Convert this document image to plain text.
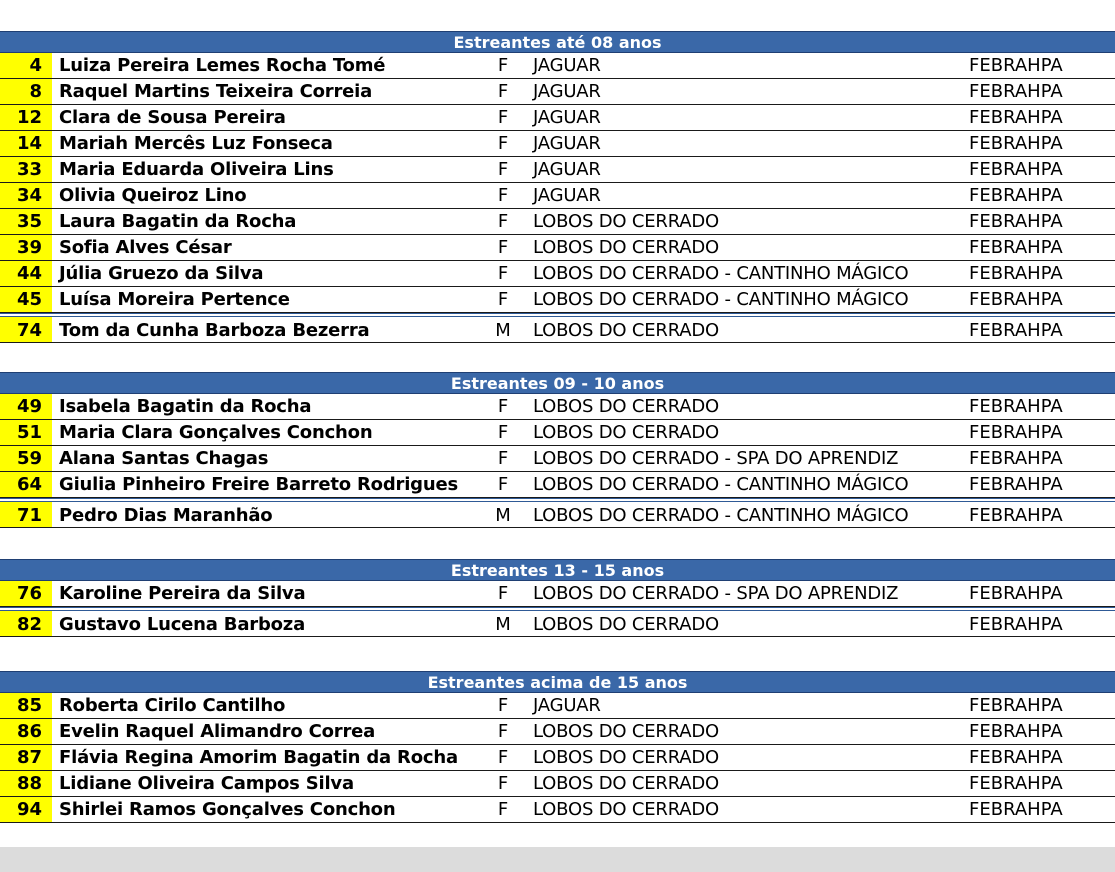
Estreantes até 08 anos
4 Luiza Pereira Lemes Rocha Tomé	F	JAGUAR	FEBRAHPA
8 Raquel Martins Teixeira Correia	F	JAGUAR	FEBRAHPA
12 Clara de Sousa Pereira	F	JAGUAR	FEBRAHPA
14 Mariah Mercês Luz Fonseca	F	JAGUAR	FEBRAHPA
33 Maria Eduarda Oliveira Lins	F	JAGUAR	FEBRAHPA
34 Olivia Queiroz Lino	F	JAGUAR	FEBRAHPA
35 Laura Bagatin da Rocha	F	LOBOS DO CERRADO	FEBRAHPA
39 Sofia Alves César	F	LOBOS DO CERRADO	FEBRAHPA
44 Júlia Gruezo da Silva	F	LOBOS DO CERRADO - CANTINHO MÁGICO	FEBRAHPA
45 Luísa Moreira Pertence	F	LOBOS DO CERRADO - CANTINHO MÁGICO	FEBRAHPA
74 Tom da Cunha Barboza Bezerra	M LOBOS DO CERRADO	FEBRAHPA
Estreantes 09 - 10 anos
49 Isabela Bagatin da Rocha	F	LOBOS DO CERRADO	FEBRAHPA
51 Maria Clara Gonçalves Conchon	F	LOBOS DO CERRADO	FEBRAHPA
59 Alana Santas Chagas	F	LOBOS DO CERRADO - SPA DO APRENDIZ	FEBRAHPA
64 Giulia Pinheiro Freire Barreto Rodrigues	F	LOBOS DO CERRADO - CANTINHO MÁGICO	FEBRAHPA
71 Pedro Dias Maranhão	M LOBOS DO CERRADO - CANTINHO MÁGICO	FEBRAHPA
Estreantes 13 - 15 anos
76 Karoline Pereira da Silva	F	LOBOS DO CERRADO - SPA DO APRENDIZ	FEBRAHPA
82 Gustavo Lucena Barboza	M LOBOS DO CERRADO	FEBRAHPA
Estreantes acima de 15 anos
85 Roberta Cirilo Cantilho	F	JAGUAR	FEBRAHPA
86 Evelin Raquel Alimandro Correa	F	LOBOS DO CERRADO	FEBRAHPA
87 Flávia Regina Amorim Bagatin da Rocha	F	LOBOS DO CERRADO	FEBRAHPA
88 Lidiane Oliveira Campos Silva	F	LOBOS DO CERRADO	FEBRAHPA
94 Shirlei Ramos Gonçalves Conchon	F	LOBOS DO CERRADO	FEBRAHPA
